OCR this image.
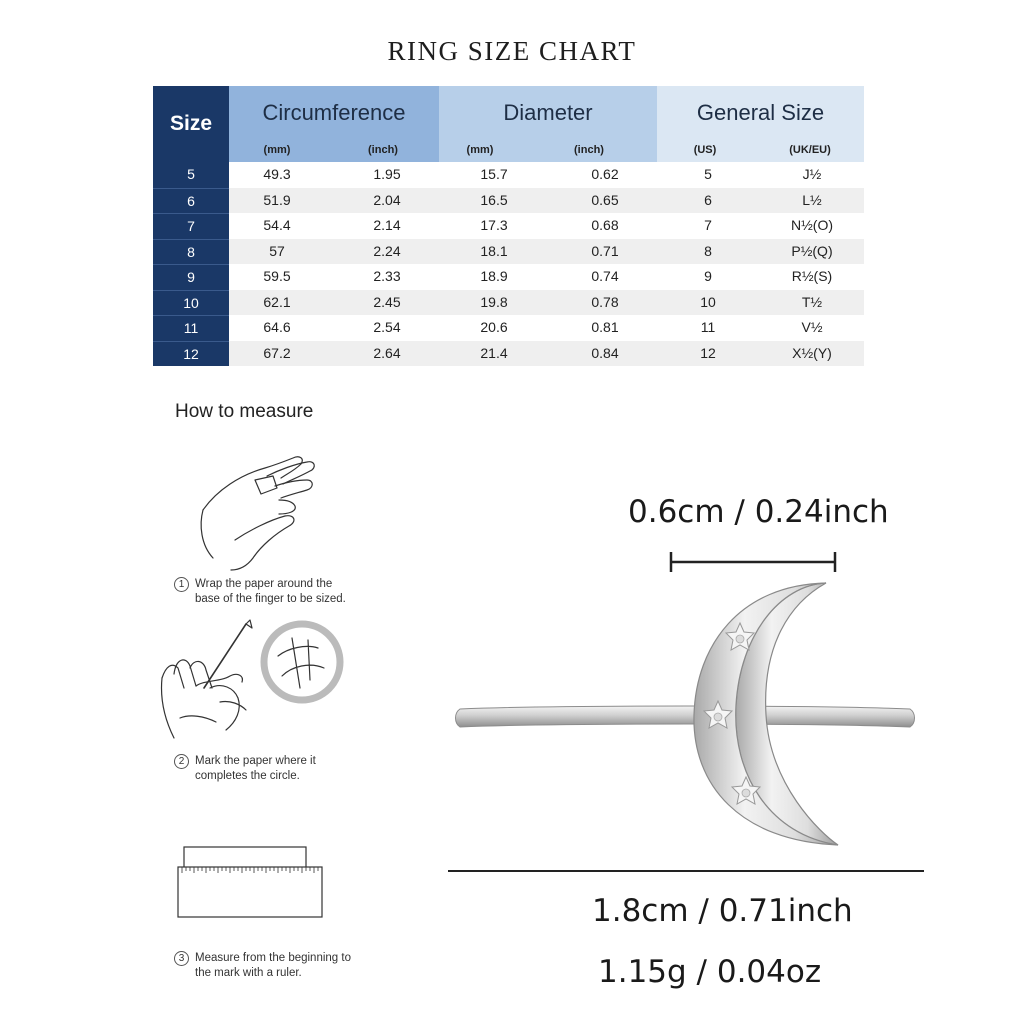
RING SIZE CHART
Size	Circumference
(mm)	(inch)
Diameter
(mm)	(inch)
General Size
(US)	(UK/EU)
5	49.3	1.95	15.7	0.62	5	J½
6	51.9	2.04	16.5	0.65	6	L½
7	54.4	2.14	17.3	0.68	7	N½(O)
8	57	2.24	18.1	0.71	8	P½(Q)
9	59.5	2.33	18.9	0.74	9	R½(S)
10	62.1	2.45	19.8	0.78	10	T½
11	64.6	2.54	20.6	0.81	11	V½
12	67.2	2.64	21.4	0.84	12	X½(Y)
How to measure
1 Wrap the paper around the
base of the finger to be sized.
2 Mark the paper where it
completes the circle.
3 Measure from the beginning to
the mark with a ruler.
0.6cm / 0.24inch
1.8cm / 0.71inch
1.15g / 0.04oz
